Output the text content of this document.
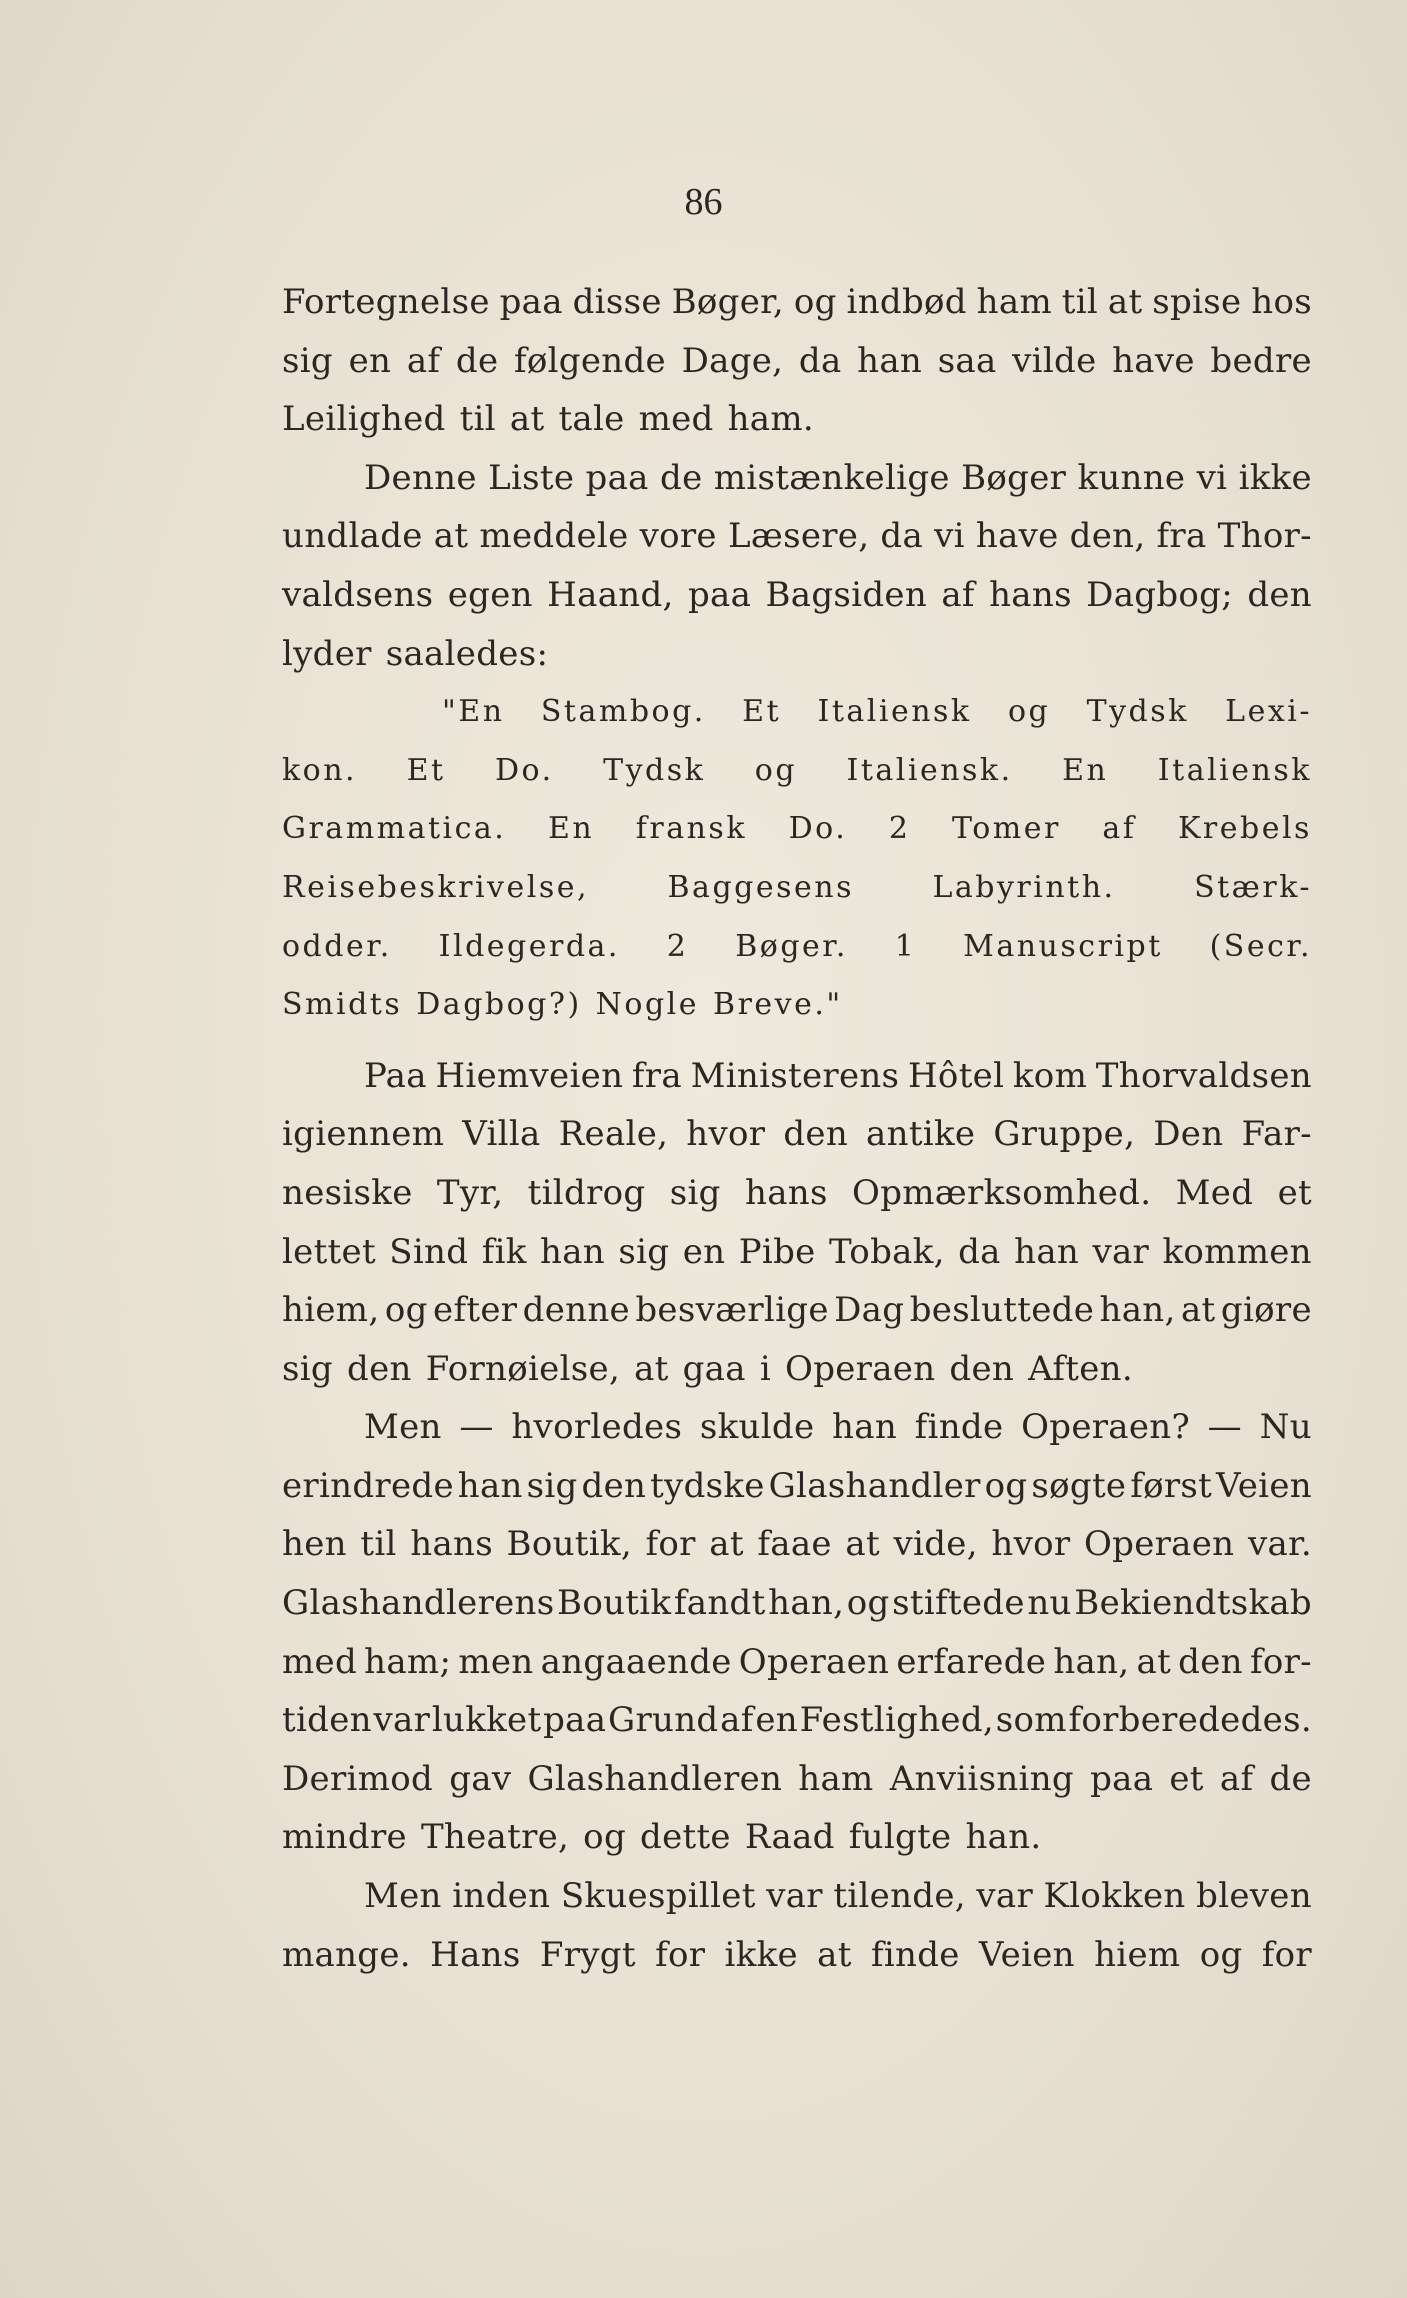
86
Fortegnelse paa disse Bøger, og indbød ham til at spise hos
sig en af de følgende Dage, da han saa vilde have bedre
Leilighed til at tale med ham.
Denne Liste paa de mistænkelige Bøger kunne vi ikke
undlade at meddele vore Læsere, da vi have den, fra Thor-
valdsens egen Haand, paa Bagsiden af hans Dagbog; den
lyder saaledes:
"En Stambog. Et Italiensk og Tydsk Lexi-
kon. Et Do. Tydsk og Italiensk. En Italiensk
Grammatica. En fransk Do. 2 Tomer af Krebels
Reisebeskrivelse,	Baggesens	Labyrinth.	Stærk-
odder. Ildegerda. 2 Bøger. 1 Manuscript (Secr.
Smidts Dagbog?) Nogle Breve."
Paa Hiemveien fra Ministerens Hôtel kom Thorvaldsen
igiennem Villa Reale, hvor den antike Gruppe, Den Far-
nesiske Tyr, tildrog sig hans Opmærksomhed. Med et
lettet Sind fik han sig en Pibe Tobak, da han var kommen
hiem, og efter denne besværlige Dag besluttede han, at giøre
sig den Fornøielse, at gaa i Operaen den Aften.
Men — hvorledes skulde han finde Operaen? — Nu
erindrede han sig den tydske Glashandler og søgte først Veien
hen til hans Boutik, for at faae at vide, hvor Operaen var.
Glashandlerens Boutik fandt han, og stiftede nu Bekiendtskab
med ham; men angaaende Operaen erfarede han, at den for-
tiden var lukket paa Grund af en Festlighed, som forberededes.
Derimod gav Glashandleren ham Anviisning paa et af de
mindre Theatre, og dette Raad fulgte han.
Men inden Skuespillet var tilende, var Klokken bleven
mange. Hans Frygt for ikke at finde Veien hiem og for
